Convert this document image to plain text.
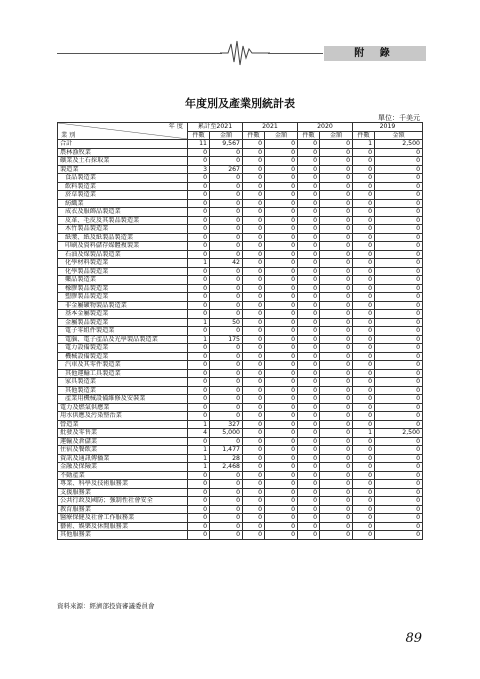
附 錄
年度別及產業別統計表
單位：千美元
年 度
業 別	累計至2021		2021		2020		2019	
	件數	金額	件數	金額	件數	金額	件數	金額
合計	11	9,567	0	0	0	0	1	2,500
農林漁牧業	0	0	0	0	0	0	0	0
礦業及土石採取業	0	0	0	0	0	0	0	0
製造業	3	267	0	0	0	0	0	0
食品製造業	0	0	0	0	0	0	0	0
飲料製造業	0	0	0	0	0	0	0	0
菸草製造業	0	0	0	0	0	0	0	0
紡織業	0	0	0	0	0	0	0	0
成衣及服飾品製造業	0	0	0	0	0	0	0	0
皮革、毛皮及其製品製造業	0	0	0	0	0	0	0	0
木竹製品製造業	0	0	0	0	0	0	0	0
紙漿、紙及紙製品製造業	0	0	0	0	0	0	0	0
印刷及資料儲存媒體複製業	0	0	0	0	0	0	0	0
石油及煤製品製造業	0	0	0	0	0	0	0	0
化學材料製造業	1	42	0	0	0	0	0	0
化學製品製造業	0	0	0	0	0	0	0	0
藥品製造業	0	0	0	0	0	0	0	0
橡膠製品製造業	0	0	0	0	0	0	0	0
塑膠製品製造業	0	0	0	0	0	0	0	0
非金屬礦物製品製造業	0	0	0	0	0	0	0	0
基本金屬製造業	0	0	0	0	0	0	0	0
金屬製品製造業	1	50	0	0	0	0	0	0
電子零組件製造業	0	0	0	0	0	0	0	0
電腦、電子產品及光學製品製造業	1	175	0	0	0	0	0	0
電力設備製造業	0	0	0	0	0	0	0	0
機械設備製造業	0	0	0	0	0	0	0	0
汽車及其零件製造業	0	0	0	0	0	0	0	0
其他運輸工具製造業	0	0	0	0	0	0	0	0
家具製造業	0	0	0	0	0	0	0	0
其他製造業	0	0	0	0	0	0	0	0
產業用機械設備維修及安裝業	0	0	0	0	0	0	0	0
電力及燃氣供應業	0	0	0	0	0	0	0	0
用水供應及污染整治業	0	0	0	0	0	0	0	0
營造業	1	327	0	0	0	0	0	0
批發及零售業	4	5,000	0	0	0	0	1	2,500
運輸及倉儲業	0	0	0	0	0	0	0	0
住宿及餐飲業	1	1,477	0	0	0	0	0	0
資訊及通訊傳播業	1	28	0	0	0	0	0	0
金融及保險業	1	2,468	0	0	0	0	0	0
不動產業	0	0	0	0	0	0	0	0
專業、科學及技術服務業	0	0	0	0	0	0	0	0
支援服務業	0	0	0	0	0	0	0	0
公共行政及國防；強制性社會安全	0	0	0	0	0	0	0	0
教育服務業	0	0	0	0	0	0	0	0
醫療保健及社會工作服務業	0	0	0	0	0	0	0	0
藝術、娛樂及休閒服務業	0	0	0	0	0	0	0	0
其他服務業	0	0	0	0	0	0	0	0
資料來源：經濟部投資審議委員會
89
